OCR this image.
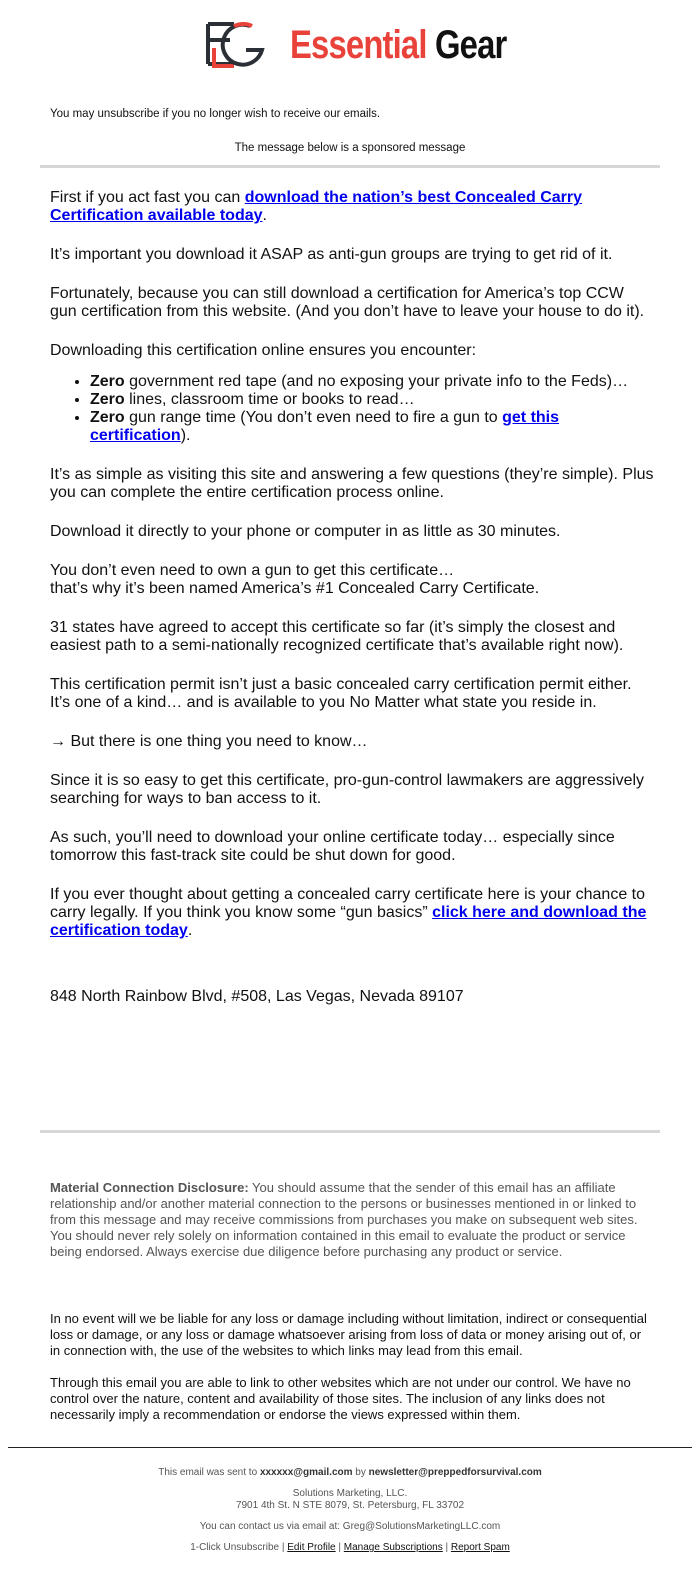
Essential Gear
You may unsubscribe if you no longer wish to receive our emails.
The message below is a sponsored message

First if you act fast you can download the nation’s best Concealed Carry Certification available today.

It’s important you download it ASAP as anti-gun groups are trying to get rid of it.

Fortunately, because you can still download a certification for America’s top CCW gun certification from this website. (And you don’t have to leave your house to do it).

Downloading this certification online ensures you encounter:

• Zero government red tape (and no exposing your private info to the Feds)…
• Zero lines, classroom time or books to read…
• Zero gun range time (You don’t even need to fire a gun to get this certification).

It’s as simple as visiting this site and answering a few questions (they’re simple). Plus you can complete the entire certification process online.

Download it directly to your phone or computer in as little as 30 minutes.

You don’t even need to own a gun to get this certificate…
that’s why it’s been named America’s #1 Concealed Carry Certificate.

31 states have agreed to accept this certificate so far (it’s simply the closest and easiest path to a semi-nationally recognized certificate that’s available right now).

This certification permit isn’t just a basic concealed carry certification permit either. It’s one of a kind… and is available to you No Matter what state you reside in.

→ But there is one thing you need to know…

Since it is so easy to get this certificate, pro-gun-control lawmakers are aggressively searching for ways to ban access to it.

As such, you’ll need to download your online certificate today… especially since tomorrow this fast-track site could be shut down for good.

If you ever thought about getting a concealed carry certificate here is your chance to carry legally. If you think you know some “gun basics” click here and download the certification today.

848 North Rainbow Blvd, #508, Las Vegas, Nevada 89107
Material Connection Disclosure: You should assume that the sender of this email has an affiliate relationship and/or another material connection to the persons or businesses mentioned in or linked to from this message and may receive commissions from purchases you make on subsequent web sites. You should never rely solely on information contained in this email to evaluate the product or service being endorsed. Always exercise due diligence before purchasing any product or service.

In no event will we be liable for any loss or damage including without limitation, indirect or consequential loss or damage, or any loss or damage whatsoever arising from loss of data or money arising out of, or in connection with, the use of the websites to which links may lead from this email.

Through this email you are able to link to other websites which are not under our control. We have no control over the nature, content and availability of those sites. The inclusion of any links does not necessarily imply a recommendation or endorse the views expressed within them.

This email was sent to xxxxxx@gmail.com by newsletter@preppedforsurvival.com

Solutions Marketing, LLC.
7901 4th St. N STE 8079, St. Petersburg, FL 33702

You can contact us via email at: Greg@SolutionsMarketingLLC.com

1-Click Unsubscribe | Edit Profile | Manage Subscriptions | Report Spam
